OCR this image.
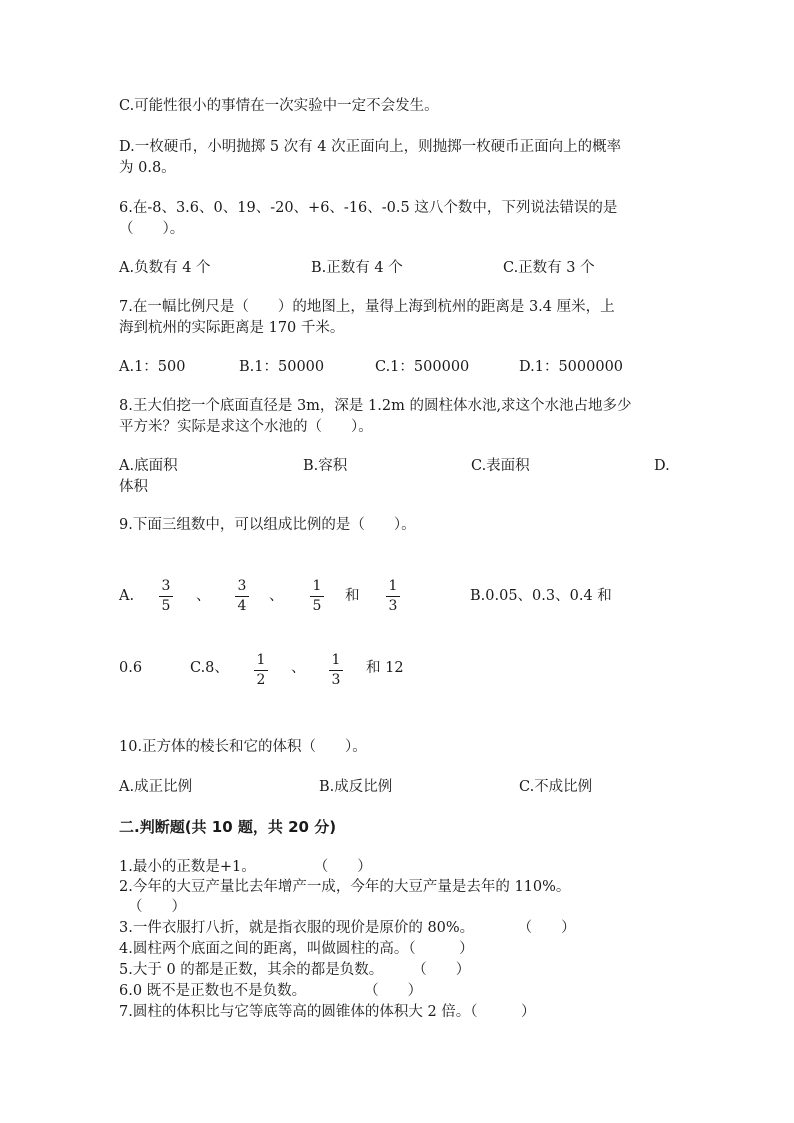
C.可能性很小的事情在一次实验中一定不会发生。
D.一枚硬币，小明抛掷 5 次有 4 次正面向上，则抛掷一枚硬币正面向上的概率
为 0.8。
6.在-8、3.6、0、19、-20、+6、-16、-0.5 这八个数中，下列说法错误的是
（　　）。
A.负数有 4 个	B.正数有 4 个	C.正数有 3 个
7.在一幅比例尺是（　　）的地图上，量得上海到杭州的距离是 3.4 厘米，上
海到杭州的实际距离是 170 千米。
A.1：500	B.1：50000	C.1：500000	D.1：5000000
8.王大伯挖一个底面直径是 3m，深是 1.2m 的圆柱体水池,求这个水池占地多少
平方米？实际是求这个水池的（　　）。
A.底面积	B.容积	C.表面积	D.
体积
9.下面三组数中，可以组成比例的是（　　）。
A.
3
5
、
3
4
、
1
5
和
1
3
B.0.05、0.3、0.4 和
0.6	C.8、	1
2
、	1
3
和 12
10.正方体的棱长和它的体积（　　）。
A.成正比例	B.成反比例	C.不成比例
二.判断题(共 10 题，共 20 分)
1.最小的正数是+1。　　　　　（　　）
2.今年的大豆产量比去年增产一成，今年的大豆产量是去年的 110%。
（　　）
3.一件衣服打八折，就是指衣服的现价是原价的 80%。　　　　（　　）
4.圆柱两个底面之间的距离，叫做圆柱的高。（　　　）
5.大于 0 的都是正数，其余的都是负数。　　　（　　）
6.0 既不是正数也不是负数。　　　　　（　　）
7.圆柱的体积比与它等底等高的圆锥体的体积大 2 倍。（　　　）
